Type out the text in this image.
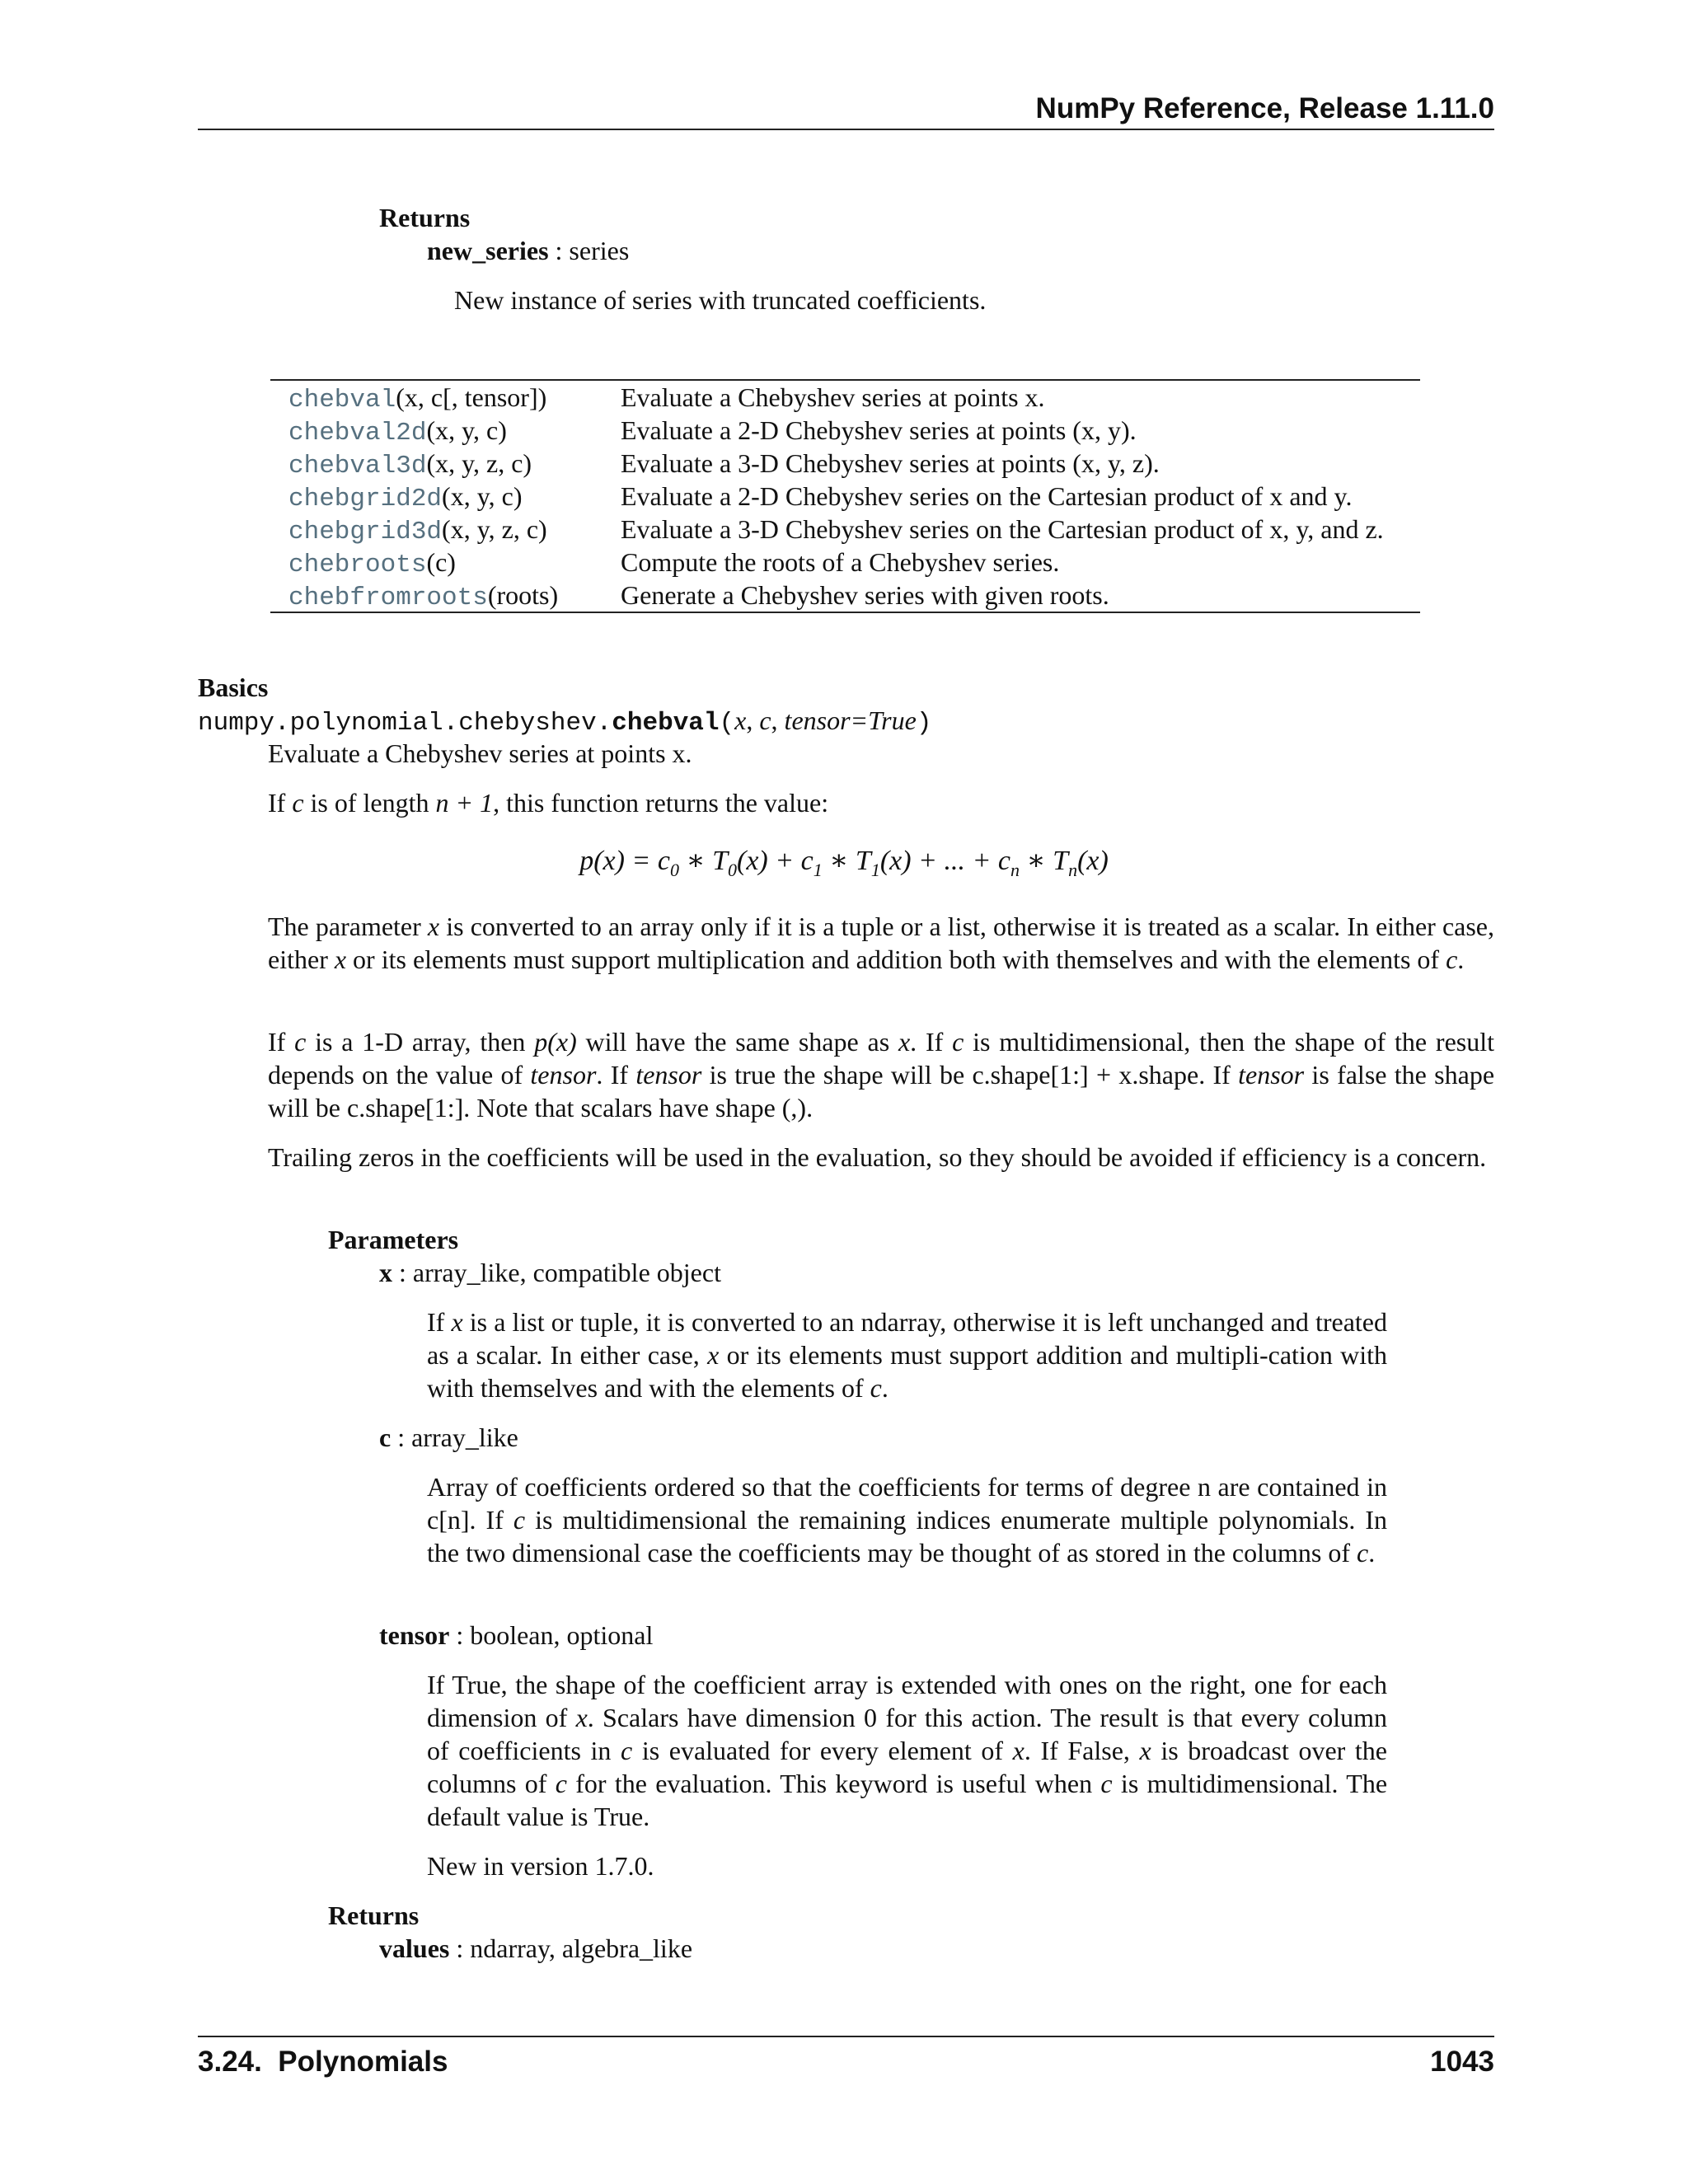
NumPy Reference, Release 1.11.0
Returns
new_series : series
New instance of series with truncated coefficients.
chebval(x, c[, tensor])	Evaluate a Chebyshev series at points x.
chebval2d(x, y, c)	Evaluate a 2-D Chebyshev series at points (x, y).
chebval3d(x, y, z, c)	Evaluate a 3-D Chebyshev series at points (x, y, z).
chebgrid2d(x, y, c)	Evaluate a 2-D Chebyshev series on the Cartesian product of x and y.
chebgrid3d(x, y, z, c)	Evaluate a 3-D Chebyshev series on the Cartesian product of x, y, and z.
chebroots(c)	Compute the roots of a Chebyshev series.
chebfromroots(roots)	Generate a Chebyshev series with given roots.
Basics
numpy.polynomial.chebyshev.chebval(x, c, tensor=True)
Evaluate a Chebyshev series at points x.
If c is of length n + 1, this function returns the value:
$p(x) = c_0$ ∗ $T_0(x) + c_1$ ∗ $T_1(x)$ + ... + $c_n$ ∗ $T_n(x)$

The parameter x is converted to an array only if it is a tuple or a list, otherwise it is treated as a scalar. In either case, either x or its elements must support multiplication and addition both with themselves and with the elements of c.

If c is a 1-D array, then p(x) will have the same shape as x. If c is multidimensional, then the shape of the result depends on the value of tensor. If tensor is true the shape will be c.shape[1:] + x.shape. If tensor is false the shape will be c.shape[1:]. Note that scalars have shape (,).

Trailing zeros in the coefficients will be used in the evaluation, so they should be avoided if efficiency is a concern.
Parameters
x : array_like, compatible object

If x is a list or tuple, it is converted to an ndarray, otherwise it is left unchanged and treated as a scalar. In either case, x or its elements must support addition and multipli-cation with with themselves and with the elements of c.

c : array_like

Array of coefficients ordered so that the coefficients for terms of degree n are contained in c[n]. If c is multidimensional the remaining indices enumerate multiple polynomials. In the two dimensional case the coefficients may be thought of as stored in the columns of c.

tensor : boolean, optional

If True, the shape of the coefficient array is extended with ones on the right, one for each dimension of x. Scalars have dimension 0 for this action. The result is that every column of coefficients in c is evaluated for every element of x. If False, x is broadcast over the columns of c for the evaluation. This keyword is useful when c is multidimensional. The default value is True.

New in version 1.7.0.
Returns
values : ndarray, algebra_like
3.24.  Polynomials	1043
